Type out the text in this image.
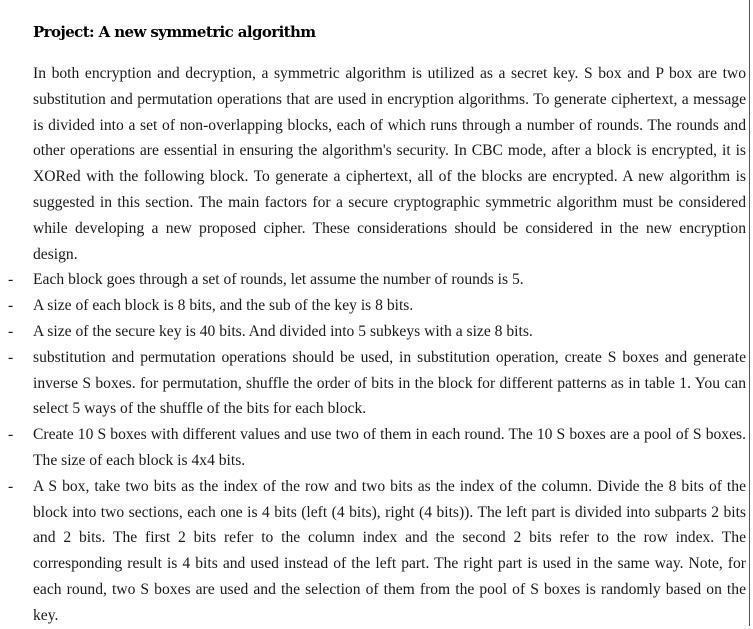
Project: A new symmetric algorithm

In both encryption and decryption, a symmetric algorithm is utilized as a secret key. S box and P box are two substitution and permutation operations that are used in encryption algorithms. To generate ciphertext, a message is divided into a set of non-overlapping blocks, each of which runs through a number of rounds. The rounds and other operations are essential in ensuring the algorithm's security. In CBC mode, after a block is encrypted, it is XORed with the following block. To generate a ciphertext, all of the blocks are encrypted. A new algorithm is suggested in this section. The main factors for a secure cryptographic symmetric algorithm must be considered while developing a new proposed cipher. These considerations should be considered in the new encryption design.

- Each block goes through a set of rounds, let assume the number of rounds is 5.
- A size of each block is 8 bits, and the sub of the key is 8 bits.
- A size of the secure key is 40 bits. And divided into 5 subkeys with a size 8 bits.
- substitution and permutation operations should be used, in substitution operation, create S boxes and generate inverse S boxes. for permutation, shuffle the order of bits in the block for different patterns as in table 1. You can select 5 ways of the shuffle of the bits for each block.
- Create 10 S boxes with different values and use two of them in each round. The 10 S boxes are a pool of S boxes. The size of each block is 4x4 bits.
- A S box, take two bits as the index of the row and two bits as the index of the column. Divide the 8 bits of the block into two sections, each one is 4 bits (left (4 bits), right (4 bits)). The left part is divided into subparts 2 bits and 2 bits. The first 2 bits refer to the column index and the second 2 bits refer to the row index. The corresponding result is 4 bits and used instead of the left part. The right part is used in the same way. Note, for each round, two S boxes are used and the selection of them from the pool of S boxes is randomly based on the key.
